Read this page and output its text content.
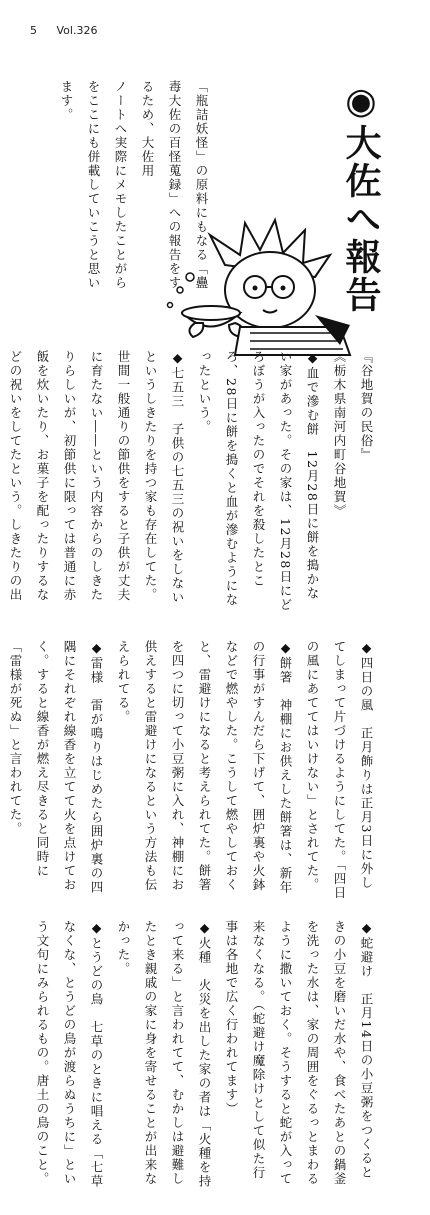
5 Vol.326
◉大佐へ報告

「瓶詰妖怪」の原料にもなる「蠱毒大佐の百怪蒐録」への報告をするため、大佐用

ノートへ実際にメモしたことがらをここにも併載していこうと思います。

『谷地賀の民俗』

《栃木県南河内町谷地賀》

◆血で滲む餅　12月28日に餅を搗かない家があった。その家は、12月28日にどろぼうが入ったのでそれを殺したところ、28日に餅を搗くと血が滲むようになったという。

◆七五三　子供の七五三の祝いをしないというしきたりを持つ家も存在してた。世間一般通りの節供をすると子供が丈夫に育たない――という内容からのしきたりらしいが、初節供に限っては普通に赤飯を炊いたり、お菓子を配ったりするなどの祝いをしてたという。しきたりの出

◆四日の風　正月飾りは正月3日に外してしまって片づけるようにしてた。「四日の風にあててはいけない」とされてた。

◆餅箸　神棚にお供えした餅箸は、新年の行事がすんだら下げて、囲炉裏や火鉢などで燃やした。こうして燃やしておくと、雷避けになると考えられてた。餅箸を四つに切って小豆粥に入れ、神棚にお供えすると雷避けになるという方法も伝えられてる。

◆雷様　雷が鳴りはじめたら囲炉裏の四隅にそれぞれ線香を立てて火を点けておく。すると線香が燃え尽きると同時に「雷様が死ぬ」と言われてた。

◆蛇避け　正月14日の小豆粥をつくるときの小豆を磨いだ水や、食べたあとの鍋釜を洗った水は、家の周囲をぐるっとまわるように撒いておく。そうすると蛇が入って来なくなる。（蛇避け魔除けとして似た行事は各地で広く行われてます）

◆火種　火災を出した家の者は「火種を持って来る」と言われてて、むかしは避難したとき親戚の家に身を寄せることが出来なかった。

◆とうどの鳥　七草のときに唱える「七草なくな、とうどの鳥が渡らぬうちに」という文句にみられるもの。唐土の鳥のこと。
